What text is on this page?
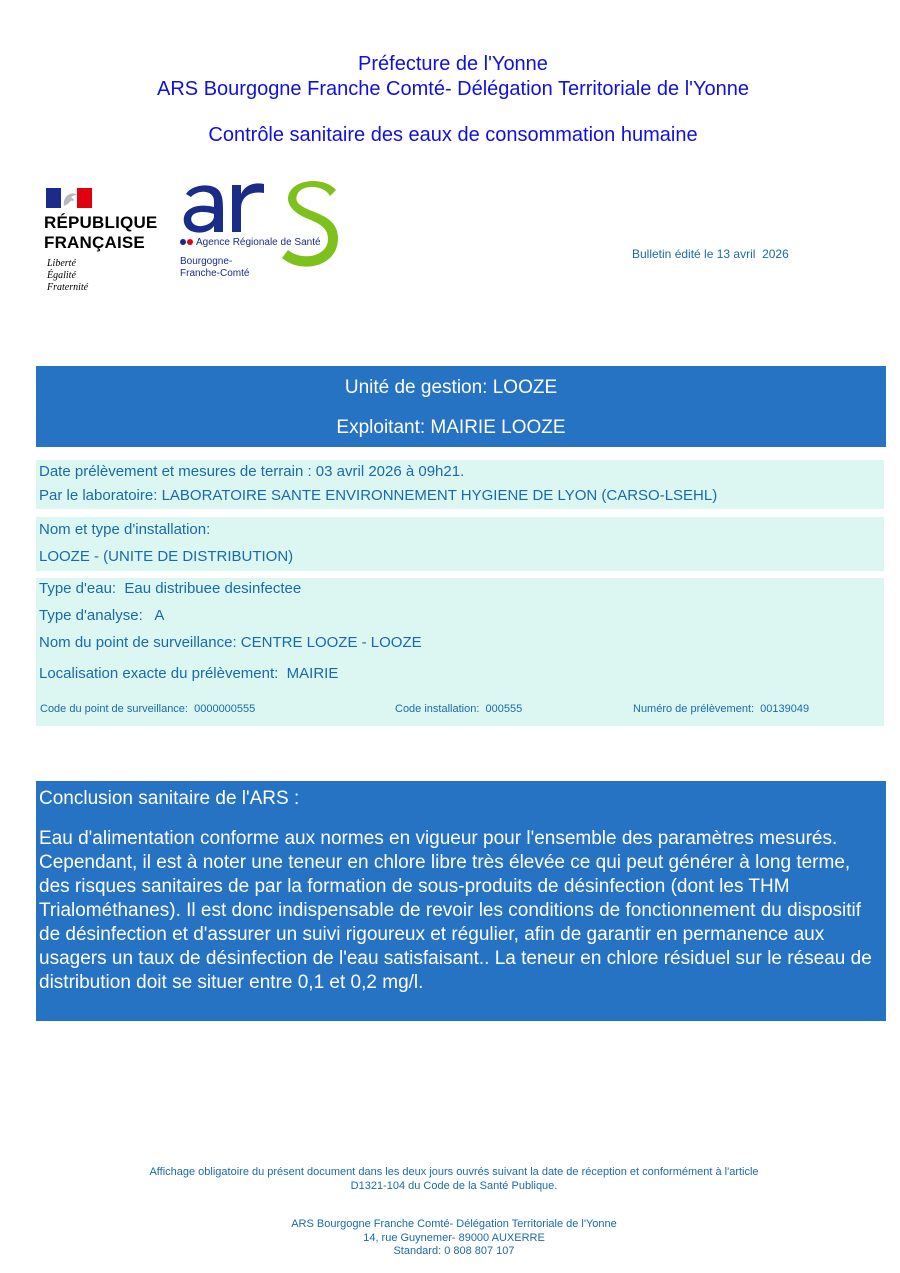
Préfecture de l'Yonne
ARS Bourgogne Franche Comté- Délégation Territoriale de l'Yonne
Contrôle sanitaire des eaux de consommation humaine
RÉPUBLIQUE
FRANÇAISE
Liberté
Égalité
Fraternité
Agence Régionale de Santé
Bourgogne-
Franche-Comté
Bulletin édité le 13 avril  2026
Unité de gestion: LOOZE
Exploitant: MAIRIE LOOZE
Date prélèvement et mesures de terrain : 03 avril 2026 à 09h21.
Par le laboratoire: LABORATOIRE SANTE ENVIRONNEMENT HYGIENE DE LYON (CARSO-LSEHL)
Nom et type d'installation:
LOOZE - (UNITE DE DISTRIBUTION)
Type d'eau:  Eau distribuee desinfectee
Type d'analyse:   A
Nom du point de surveillance: CENTRE LOOZE - LOOZE
Localisation exacte du prélèvement:  MAIRIE
Code du point de surveillance:  0000000555	Code installation:  000555	Numéro de prélèvement:  00139049
Conclusion sanitaire de l'ARS :
Eau d'alimentation conforme aux normes en vigueur pour l'ensemble des paramètres mesurés. Cependant, il est à noter une teneur en chlore libre très élevée ce qui peut générer à long terme, des risques sanitaires de par la formation de sous-produits de désinfection (dont les THM Trialométhanes). Il est donc indispensable de revoir les conditions de fonctionnement du dispositif de désinfection et d'assurer un suivi rigoureux et régulier, afin de garantir en permanence aux usagers un taux de désinfection de l'eau satisfaisant.. La teneur en chlore résiduel sur le réseau de distribution doit se situer entre 0,1 et 0,2 mg/l.
Affichage obligatoire du présent document dans les deux jours ouvrés suivant la date de réception et conformément à l'article
D1321-104 du Code de la Santé Publique.
ARS Bourgogne Franche Comté- Délégation Territoriale de l'Yonne
14, rue Guynemer- 89000 AUXERRE
Standard: 0 808 807 107
